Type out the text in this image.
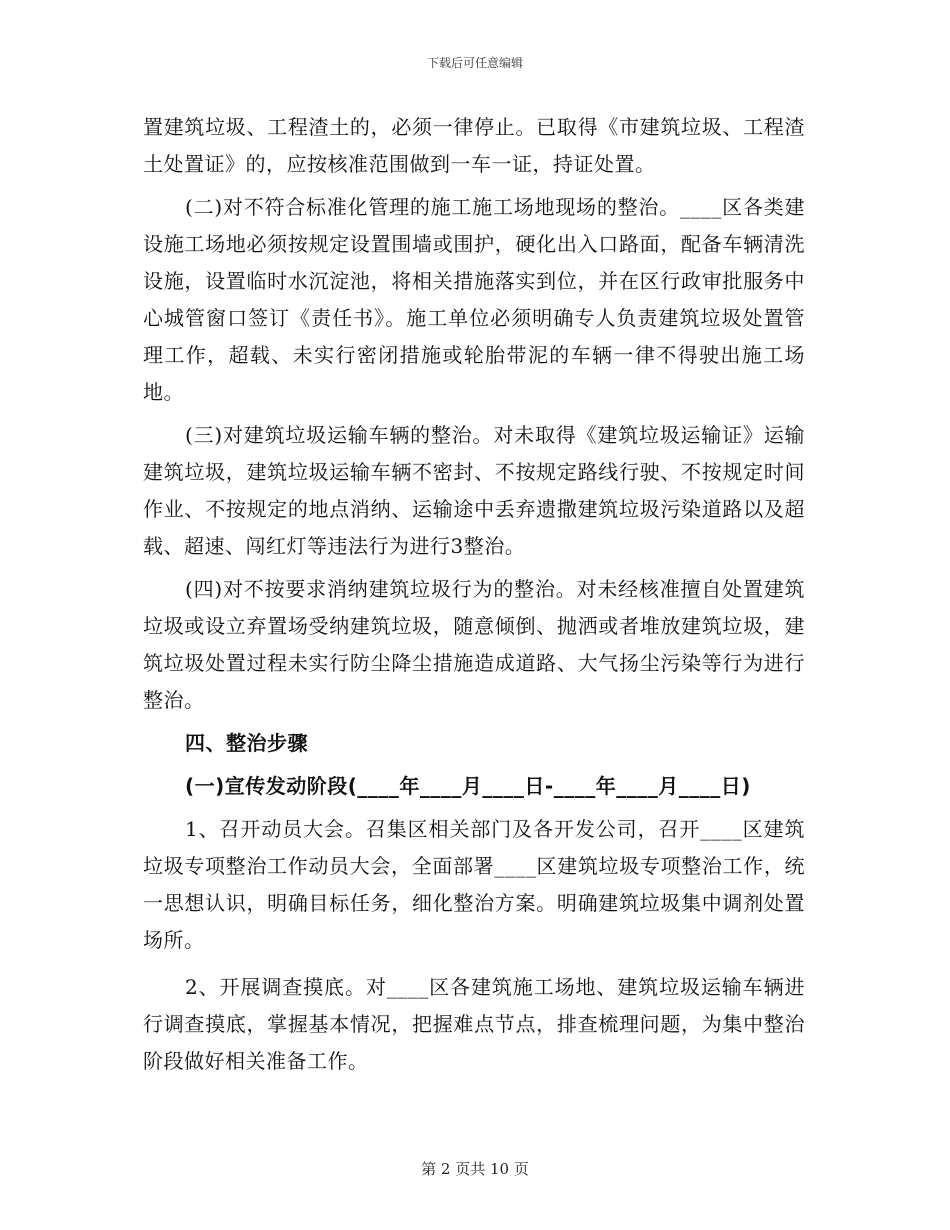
下载后可任意编辑

置建筑垃圾、工程渣土的，必须一律停止。已取得《市建筑垃圾、工程渣土处置证》的，应按核准范围做到一车一证，持证处置。

(二)对不符合标准化管理的施工施工场地现场的整治。____区各类建设施工场地必须按规定设置围墙或围护，硬化出入口路面，配备车辆清洗设施，设置临时水沉淀池，将相关措施落实到位，并在区行政审批服务中心城管窗口签订《责任书》。施工单位必须明确专人负责建筑垃圾处置管理工作，超载、未实行密闭措施或轮胎带泥的车辆一律不得驶出施工场地。

(三)对建筑垃圾运输车辆的整治。对未取得《建筑垃圾运输证》运输建筑垃圾，建筑垃圾运输车辆不密封、不按规定路线行驶、不按规定时间作业、不按规定的地点消纳、运输途中丢弃遗撒建筑垃圾污染道路以及超载、超速、闯红灯等违法行为进行3整治。

(四)对不按要求消纳建筑垃圾行为的整治。对未经核准擅自处置建筑垃圾或设立弃置场受纳建筑垃圾，随意倾倒、抛洒或者堆放建筑垃圾，建筑垃圾处置过程未实行防尘降尘措施造成道路、大气扬尘污染等行为进行整治。

四、整治步骤

(一)宣传发动阶段(____年____月____日-____年____月____日)

1、召开动员大会。召集区相关部门及各开发公司，召开____区建筑垃圾专项整治工作动员大会，全面部署____区建筑垃圾专项整治工作，统一思想认识，明确目标任务，细化整治方案。明确建筑垃圾集中调剂处置场所。

2、开展调查摸底。对____区各建筑施工场地、建筑垃圾运输车辆进行调查摸底，掌握基本情况，把握难点节点，排查梳理问题，为集中整治阶段做好相关准备工作。

第 2 页共 10 页
